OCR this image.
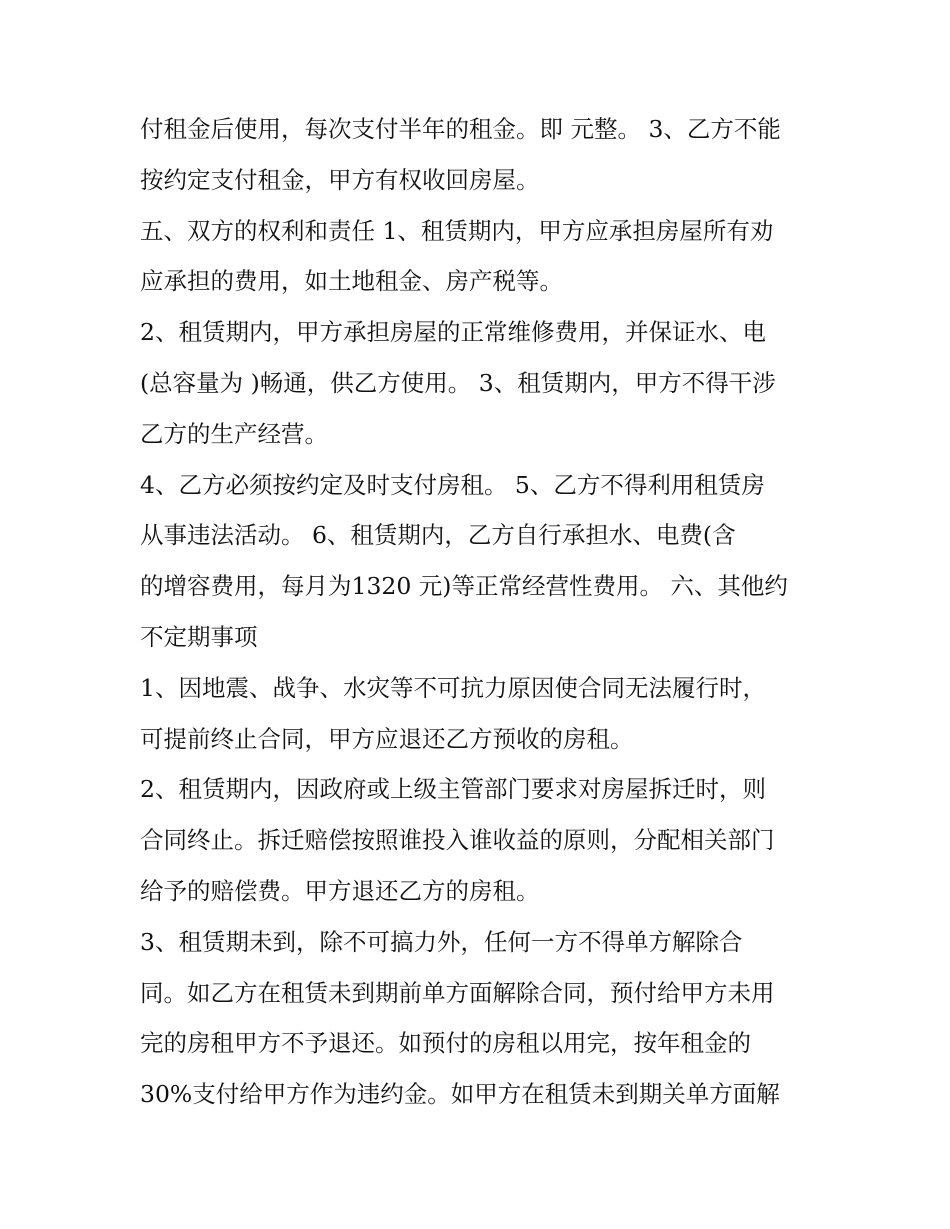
付租金后使用，每次支付半年的租金。即 元整。 3、乙方不能
按约定支付租金，甲方有权收回房屋。
五、双方的权利和责任 1、租赁期内，甲方应承担房屋所有劝
应承担的费用，如土地租金、房产税等。
2、租赁期内，甲方承担房屋的正常维修费用，并保证水、电
(总容量为 )畅通，供乙方使用。 3、租赁期内，甲方不得干涉
乙方的生产经营。
4、乙方必须按约定及时支付房租。 5、乙方不得利用租赁房
从事违法活动。 6、租赁期内，乙方自行承担水、电费(含
的增容费用，每月为1320 元)等正常经营性费用。 六、其他约
不定期事项
1、因地震、战争、水灾等不可抗力原因使合同无法履行时，
可提前终止合同，甲方应退还乙方预收的房租。
2、租赁期内，因政府或上级主管部门要求对房屋拆迁时，则
合同终止。拆迁赔偿按照谁投入谁收益的原则，分配相关部门
给予的赔偿费。甲方退还乙方的房租。
3、租赁期未到，除不可搞力外，任何一方不得单方解除合
同。如乙方在租赁未到期前单方面解除合同，预付给甲方未用
完的房租甲方不予退还。如预付的房租以用完，按年租金的
30%支付给甲方作为违约金。如甲方在租赁未到期关单方面解
